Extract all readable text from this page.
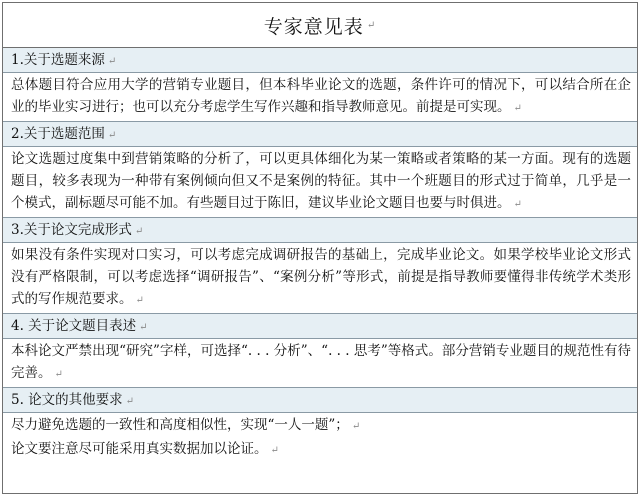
专家意见表 ↵
1.关于选题来源 ↵
总体题目符合应用大学的营销专业题目，但本科毕业论文的选题，条件许可的情况下，可以结合所在企业的毕业实习进行；也可以充分考虑学生写作兴趣和指导教师意见。前提是可实现。 ↵
2.关于选题范围 ↵
论文选题过度集中到营销策略的分析了，可以更具体细化为某一策略或者策略的某一方面。现有的选题题目，较多表现为一种带有案例倾向但又不是案例的特征。其中一个班题目的形式过于简单，几乎是一个模式，副标题尽可能不加。有些题目过于陈旧，建议毕业论文题目也要与时俱进。 ↵
3.关于论文完成形式 ↵
如果没有条件实现对口实习，可以考虑完成调研报告的基础上，完成毕业论文。如果学校毕业论文形式没有严格限制，可以考虑选择“调研报告”、“案例分析”等形式，前提是指导教师要懂得非传统学术类形式的写作规范要求。 ↵
4. 关于论文题目表述 ↵
本科论文严禁出现“研究”字样，可选择“. . . 分析”、“. . . 思考”等格式。部分营销专业题目的规范性有待完善。 ↵
5. 论文的其他要求 ↵
尽力避免选题的一致性和高度相似性，实现“一人一题”； ↵
论文要注意尽可能采用真实数据加以论证。 ↵
